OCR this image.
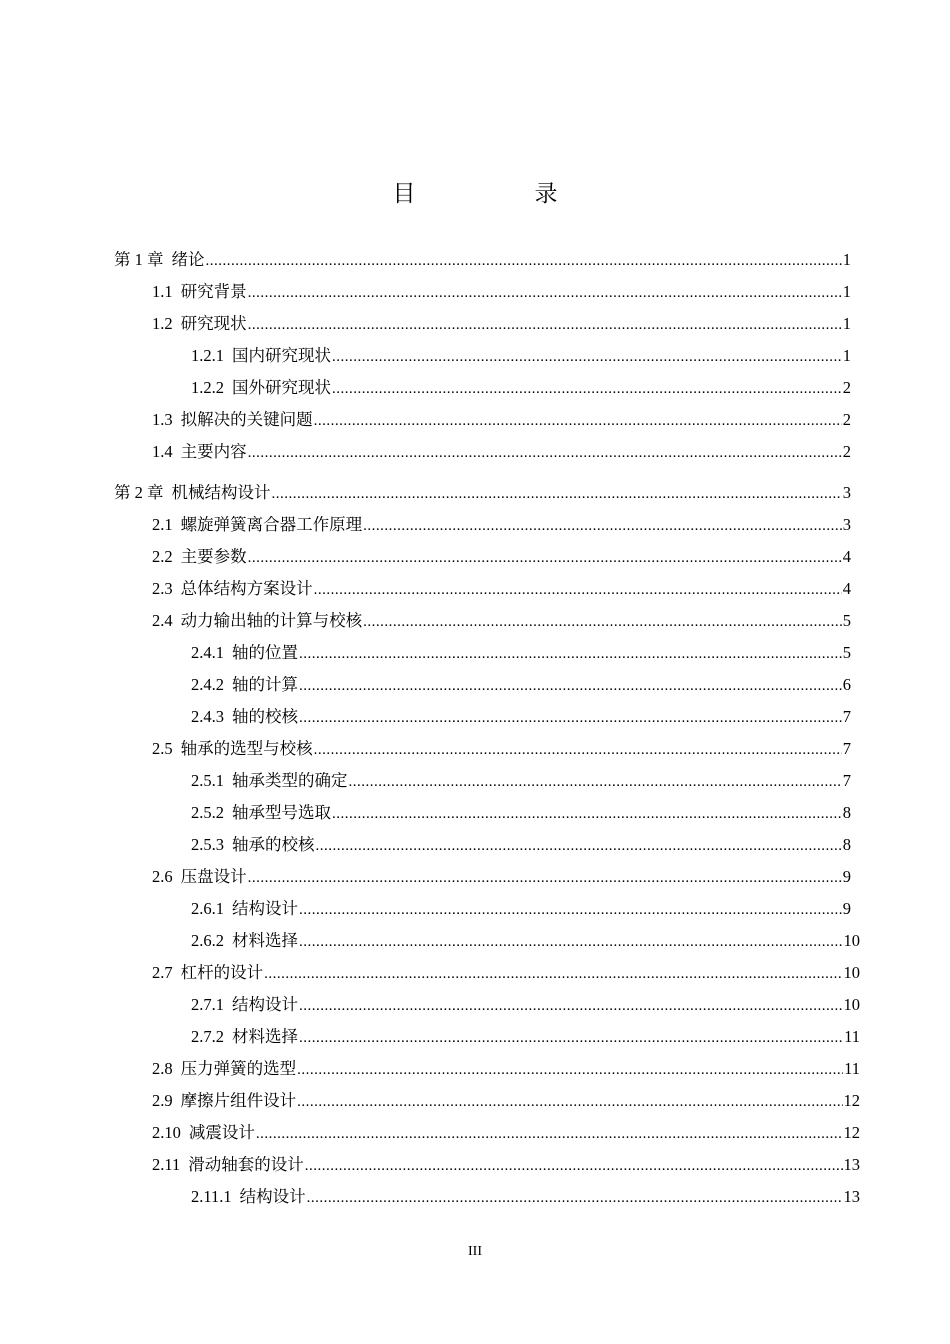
目　录
第 1 章 绪论 .....	1
1.1 研究背景 .....	1
1.2 研究现状 .....	1
1.2.1 国内研究现状 .....	1
1.2.2 国外研究现状 .....	2
1.3 拟解决的关键问题 .....	2
1.4 主要内容 .....	2
第 2 章 机械结构设计 .....	3
2.1 螺旋弹簧离合器工作原理 .....	3
2.2 主要参数 .....	4
2.3 总体结构方案设计 .....	4
2.4 动力输出轴的计算与校核 .....	5
2.4.1 轴的位置 .....	5
2.4.2 轴的计算 .....	6
2.4.3 轴的校核 .....	7
2.5 轴承的选型与校核 .....	7
2.5.1 轴承类型的确定 .....	7
2.5.2 轴承型号选取 .....	8
2.5.3 轴承的校核 .....	8
2.6 压盘设计 .....	9
2.6.1 结构设计 .....	9
2.6.2 材料选择 .....	10
2.7 杠杆的设计 .....	10
2.7.1 结构设计 .....	10
2.7.2 材料选择 .....	11
2.8 压力弹簧的选型 .....	11
2.9 摩擦片组件设计 .....	12
2.10 减震设计 .....	12
2.11 滑动轴套的设计 .....	13
2.11.1 结构设计 .....	13
III
